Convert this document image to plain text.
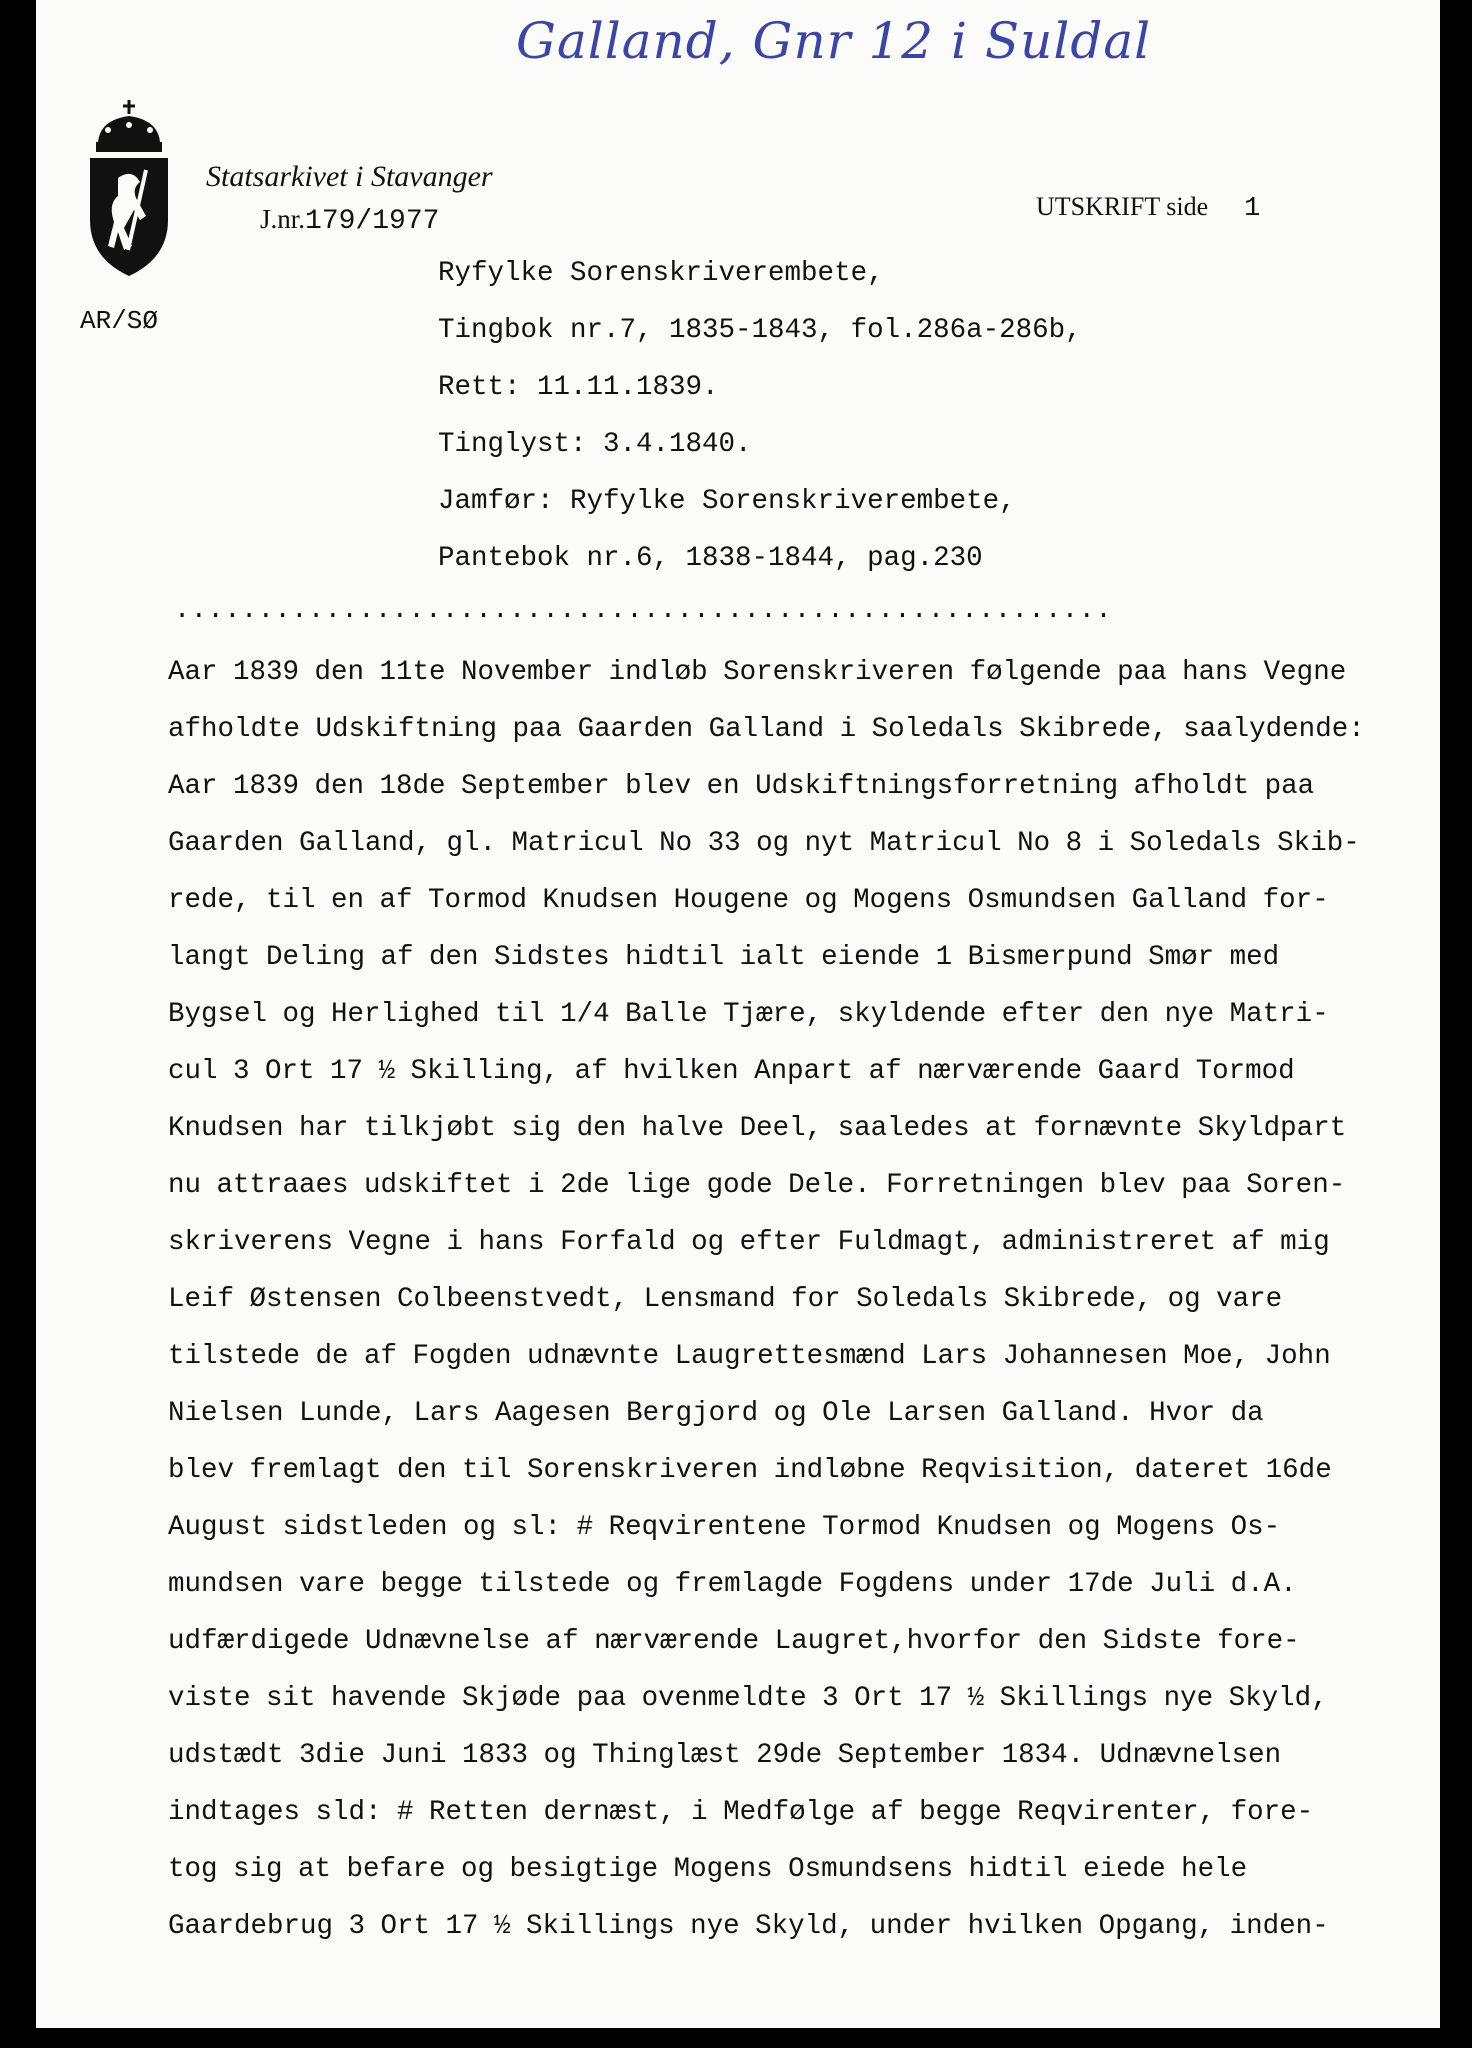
Galland, Gnr 12 i Suldal
Statsarkivet i Stavanger
J.nr.179/1977	UTSKRIFT side 1
AR/SØ
Ryfylke Sorenskriverembete,
Tingbok nr.7, 1835-1843, fol.286a-286b,
Rett: 11.11.1839.
Tinglyst: 3.4.1840.
Jamfør: Ryfylke Sorenskriverembete,
Pantebok nr.6, 1838-1844, pag.230
........................................................
Aar 1839 den 11te November indløb Sorenskriveren følgende paa hans Vegne
afholdte Udskiftning paa Gaarden Galland i Soledals Skibrede, saalydende:
Aar 1839 den 18de September blev en Udskiftningsforretning afholdt paa
Gaarden Galland, gl. Matricul No 33 og nyt Matricul No 8 i Soledals Skib-
rede, til en af Tormod Knudsen Hougene og Mogens Osmundsen Galland for-
langt Deling af den Sidstes hidtil ialt eiende 1 Bismerpund Smør med
Bygsel og Herlighed til 1/4 Balle Tjære, skyldende efter den nye Matri-
cul 3 Ort 17 ½ Skilling, af hvilken Anpart af nærværende Gaard Tormod
Knudsen har tilkjøbt sig den halve Deel, saaledes at fornævnte Skyldpart
nu attraaes udskiftet i 2de lige gode Dele. Forretningen blev paa Soren-
skriverens Vegne i hans Forfald og efter Fuldmagt, administreret af mig
Leif Østensen Colbeenstvedt, Lensmand for Soledals Skibrede, og vare
tilstede de af Fogden udnævnte Laugrettesmænd Lars Johannesen Moe, John
Nielsen Lunde, Lars Aagesen Bergjord og Ole Larsen Galland. Hvor da
blev fremlagt den til Sorenskriveren indløbne Reqvisition, dateret 16de
August sidstleden og sl: # Reqvirentene Tormod Knudsen og Mogens Os-
mundsen vare begge tilstede og fremlagde Fogdens under 17de Juli d.A.
udfærdigede Udnævnelse af nærværende Laugret,hvorfor den Sidste fore-
viste sit havende Skjøde paa ovenmeldte 3 Ort 17 ½ Skillings nye Skyld,
udstædt 3die Juni 1833 og Thinglæst 29de September 1834. Udnævnelsen
indtages sld: # Retten dernæst, i Medfølge af begge Reqvirenter, fore-
tog sig at befare og besigtige Mogens Osmundsens hidtil eiede hele
Gaardebrug 3 Ort 17 ½ Skillings nye Skyld, under hvilken Opgang, inden-
